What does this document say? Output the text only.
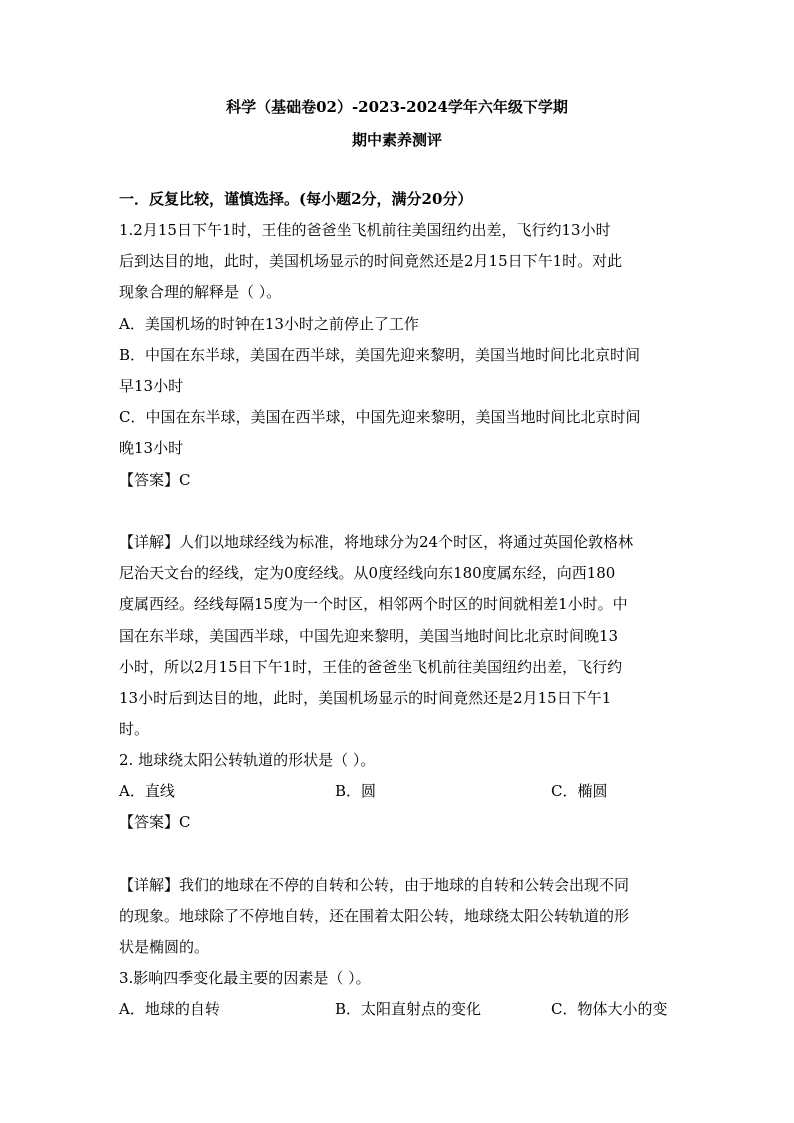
科学（基础卷02）-2023-2024学年六年级下学期
期中素养测评
一．反复比较，谨慎选择。(每小题2分，满分20分）
1.2月15日下午1时，王佳的爸爸坐飞机前往美国纽约出差，飞行约13小时
后到达目的地，此时，美国机场显示的时间竟然还是2月15日下午1时。对此
现象合理的解释是（ ）。
A．美国机场的时钟在13小时之前停止了工作
B．中国在东半球，美国在西半球，美国先迎来黎明，美国当地时间比北京时间
早13小时
C．中国在东半球，美国在西半球，中国先迎来黎明，美国当地时间比北京时间
晚13小时
【答案】C
【详解】人们以地球经线为标准，将地球分为24个时区，将通过英国伦敦格林
尼治天文台的经线，定为0度经线。从0度经线向东180度属东经，向西180
度属西经。经线每隔15度为一个时区，相邻两个时区的时间就相差1小时。中
国在东半球，美国西半球，中国先迎来黎明，美国当地时间比北京时间晚13
小时，所以2月15日下午1时，王佳的爸爸坐飞机前往美国纽约出差，飞行约
13小时后到达目的地，此时，美国机场显示的时间竟然还是2月15日下午1
时。
2. 地球绕太阳公转轨道的形状是（ ）。
A．直线	B．圆	C．椭圆
【答案】C
【详解】我们的地球在不停的自转和公转，由于地球的自转和公转会出现不同
的现象。地球除了不停地自转，还在围着太阳公转，地球绕太阳公转轨道的形
状是椭圆的。
3.影响四季变化最主要的因素是（ ）。
A．地球的自转	B．太阳直射点的变化	C．物体大小的变
